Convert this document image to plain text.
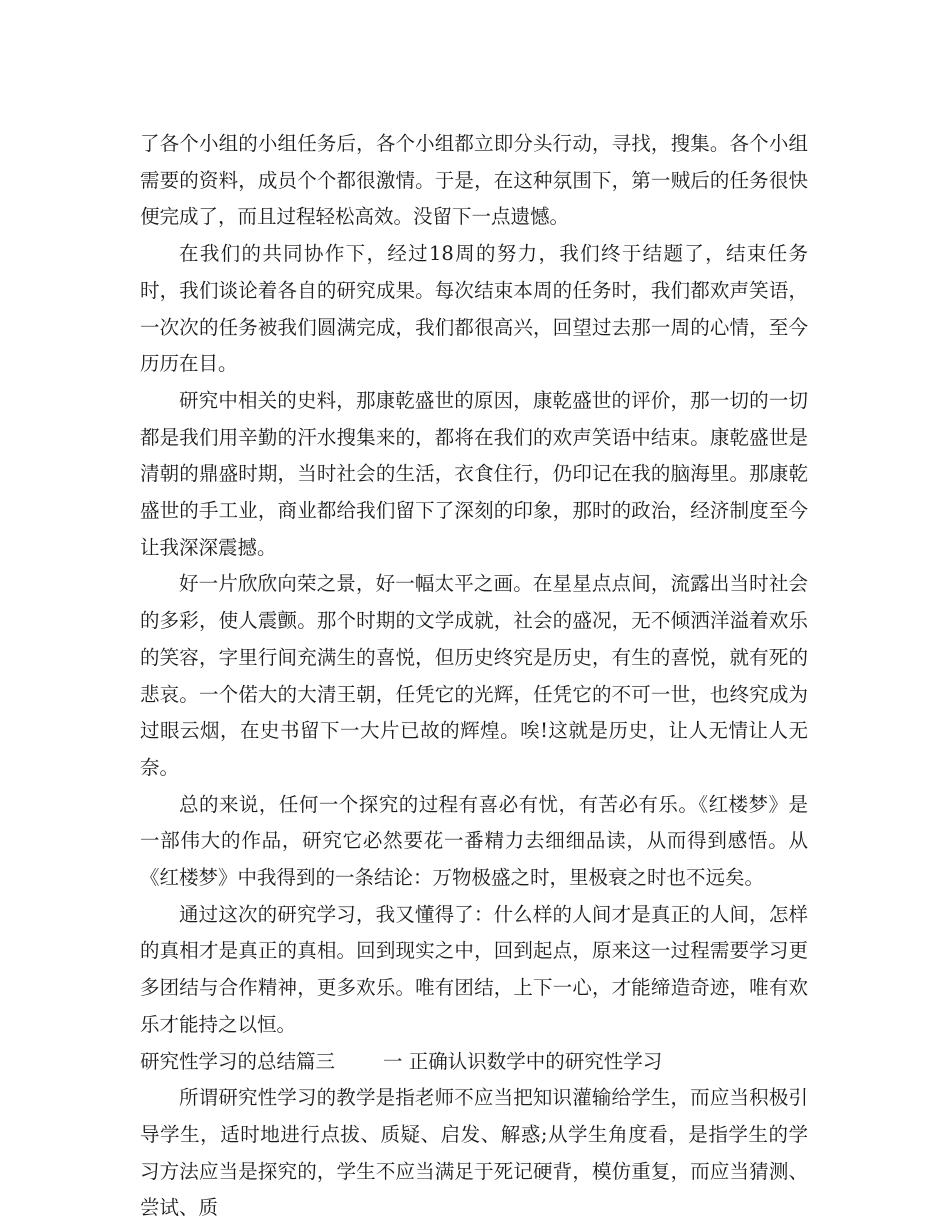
了各个小组的小组任务后，各个小组都立即分头行动，寻找，搜集。各个小组需要的资料，成员个个都很激情。于是，在这种氛围下，第一贼后的任务很快便完成了，而且过程轻松高效。没留下一点遗憾。

在我们的共同协作下，经过18周的努力，我们终于结题了，结束任务时，我们谈论着各自的研究成果。每次结束本周的任务时，我们都欢声笑语，一次次的任务被我们圆满完成，我们都很高兴，回望过去那一周的心情，至今历历在目。

研究中相关的史料，那康乾盛世的原因，康乾盛世的评价，那一切的一切都是我们用辛勤的汗水搜集来的，都将在我们的欢声笑语中结束。康乾盛世是清朝的鼎盛时期，当时社会的生活，衣食住行，仍印记在我的脑海里。那康乾盛世的手工业，商业都给我们留下了深刻的印象，那时的政治，经济制度至今让我深深震撼。

好一片欣欣向荣之景，好一幅太平之画。在星星点点间，流露出当时社会的多彩，使人震颤。那个时期的文学成就，社会的盛况，无不倾洒洋溢着欢乐的笑容，字里行间充满生的喜悦，但历史终究是历史，有生的喜悦，就有死的悲哀。一个偌大的大清王朝，任凭它的光辉，任凭它的不可一世，也终究成为过眼云烟，在史书留下一大片已故的辉煌。唉!这就是历史，让人无情让人无奈。

总的来说，任何一个探究的过程有喜必有忧，有苦必有乐。《红楼梦》是一部伟大的作品，研究它必然要花一番精力去细细品读，从而得到感悟。从《红楼梦》中我得到的一条结论：万物极盛之时，里极衰之时也不远矣。

通过这次的研究学习，我又懂得了：什么样的人间才是真正的人间，怎样的真相才是真正的真相。回到现实之中，回到起点，原来这一过程需要学习更多团结与合作精神，更多欢乐。唯有团结，上下一心，才能缔造奇迹，唯有欢乐才能持之以恒。

研究性学习的总结篇三 一 正确认识数学中的研究性学习

所谓研究性学习的教学是指老师不应当把知识灌输给学生，而应当积极引导学生，适时地进行点拔、质疑、启发、解惑;从学生角度看，是指学生的学习方法应当是探究的，学生不应当满足于死记硬背，模仿重复，而应当猜测、尝试、质
